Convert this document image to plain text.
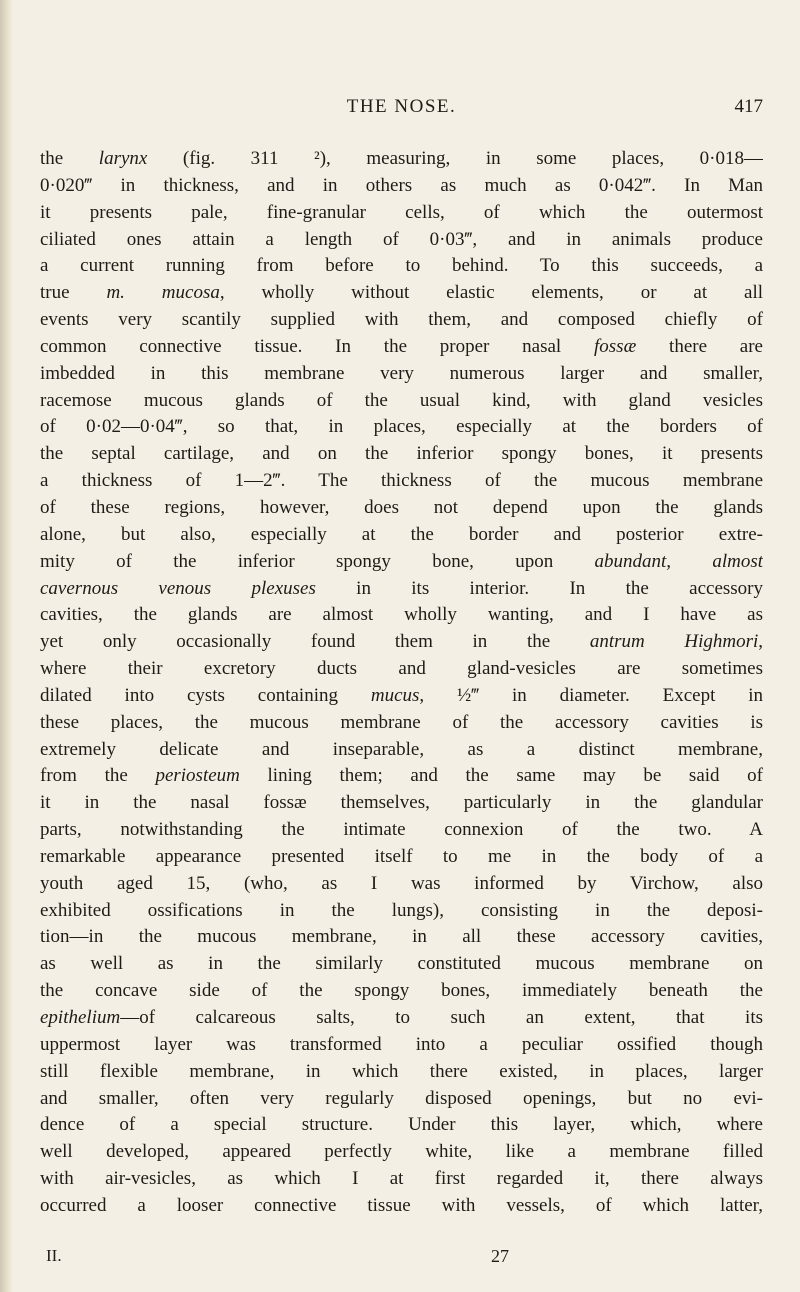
THE NOSE.	417
the larynx (fig. 311 ²), measuring, in some places, 0·018—
0·020‴ in thickness, and in others as much as 0·042‴. In Man
it presents pale, fine-granular cells, of which the outermost
ciliated ones attain a length of 0·03‴, and in animals produce
a current running from before to behind. To this succeeds, a
true m. mucosa, wholly without elastic elements, or at all
events very scantily supplied with them, and composed chiefly of
common connective tissue. In the proper nasal fossæ there are
imbedded in this membrane very numerous larger and smaller,
racemose mucous glands of the usual kind, with gland vesicles
of 0·02—0·04‴, so that, in places, especially at the borders of
the septal cartilage, and on the inferior spongy bones, it presents
a thickness of 1—2‴. The thickness of the mucous membrane
of these regions, however, does not depend upon the glands
alone, but also, especially at the border and posterior extre-
mity of the inferior spongy bone, upon abundant, almost
cavernous venous plexuses in its interior. In the accessory
cavities, the glands are almost wholly wanting, and I have as
yet only occasionally found them in the antrum Highmori,
where their excretory ducts and gland-vesicles are sometimes
dilated into cysts containing mucus, ½‴ in diameter. Except in
these places, the mucous membrane of the accessory cavities is
extremely delicate and inseparable, as a distinct membrane,
from the periosteum lining them; and the same may be said of
it in the nasal fossæ themselves, particularly in the glandular
parts, notwithstanding the intimate connexion of the two. A
remarkable appearance presented itself to me in the body of a
youth aged 15, (who, as I was informed by Virchow, also
exhibited ossifications in the lungs), consisting in the deposi-
tion—in the mucous membrane, in all these accessory cavities,
as well as in the similarly constituted mucous membrane on
the concave side of the spongy bones, immediately beneath the
epithelium—of calcareous salts, to such an extent, that its
uppermost layer was transformed into a peculiar ossified though
still flexible membrane, in which there existed, in places, larger
and smaller, often very regularly disposed openings, but no evi-
dence of a special structure. Under this layer, which, where
well developed, appeared perfectly white, like a membrane filled
with air-vesicles, as which I at first regarded it, there always
occurred a looser connective tissue with vessels, of which latter,
II.	27
